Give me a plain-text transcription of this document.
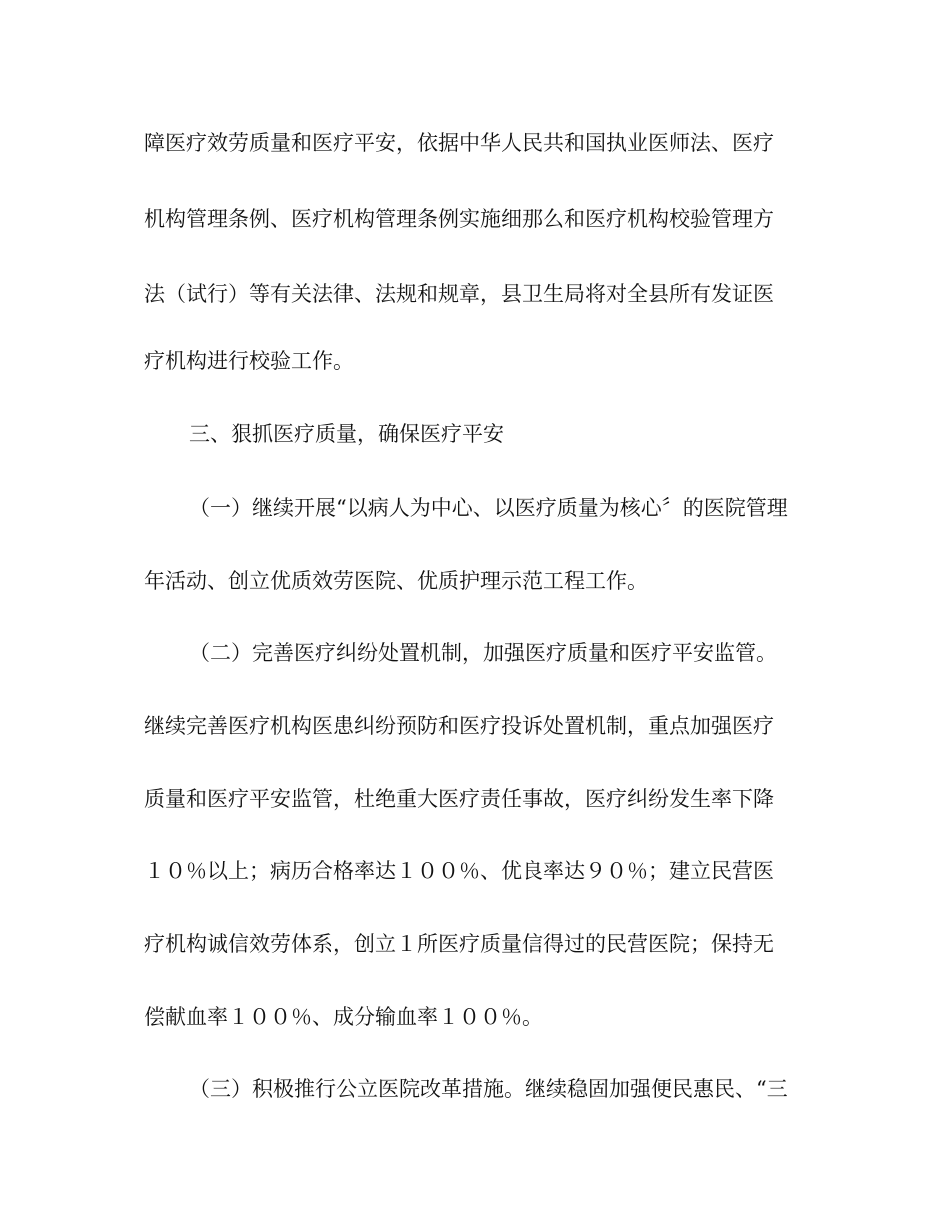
障医疗效劳质量和医疗平安，依据中华人民共和国执业医师法、医疗
机构管理条例、医疗机构管理条例实施细那么和医疗机构校验管理方
法（试行）等有关法律、法规和规章，县卫生局将对全县所有发证医
疗机构进行校验工作。
三、狠抓医疗质量，确保医疗平安
（一）继续开展“以病人为中心、以医疗质量为核心〞的医院管理
年活动、创立优质效劳医院、优质护理示范工程工作。
（二）完善医疗纠纷处置机制，加强医疗质量和医疗平安监管。
继续完善医疗机构医患纠纷预防和医疗投诉处置机制，重点加强医疗
质量和医疗平安监管，杜绝重大医疗责任事故，医疗纠纷发生率下降
１０％以上；病历合格率达１００％、优良率达９０％；建立民营医
疗机构诚信效劳体系，创立１所医疗质量信得过的民营医院；保持无
偿献血率１００％、成分输血率１００％。
（三）积极推行公立医院改革措施。继续稳固加强便民惠民、“三
